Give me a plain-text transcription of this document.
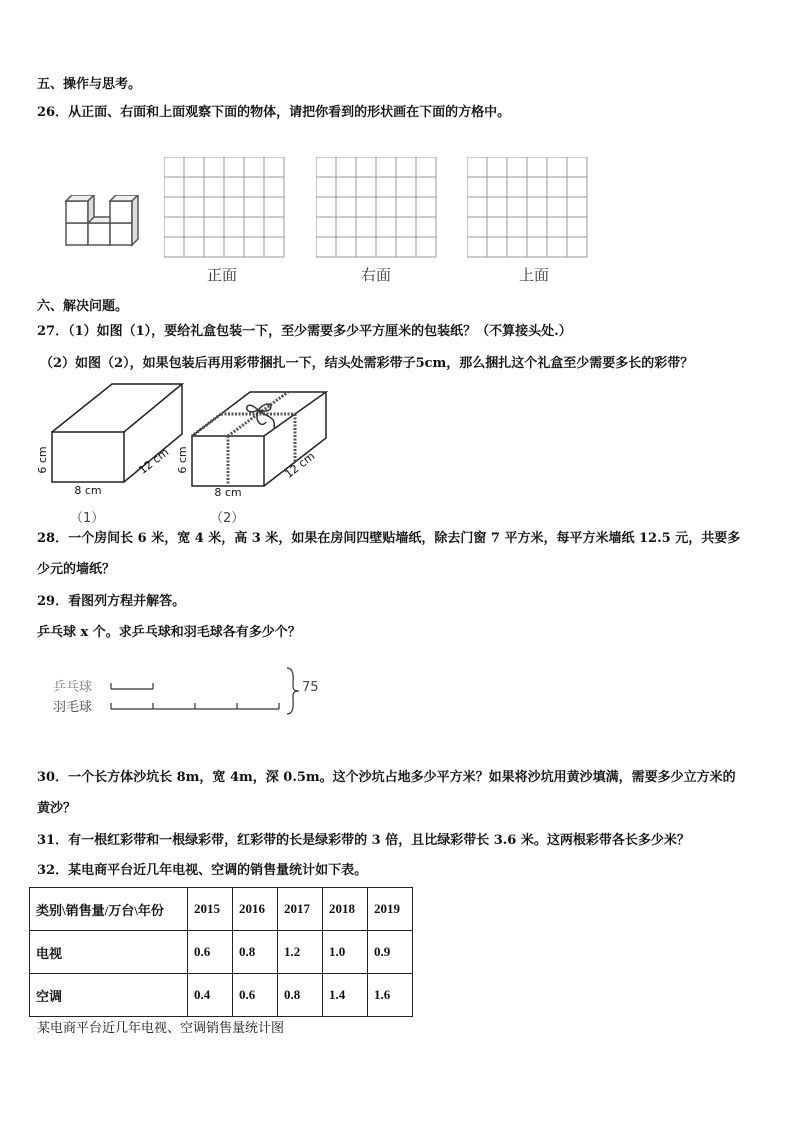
五、操作与思考。
26．从正面、右面和上面观察下面的物体，请把你看到的形状画在下面的方格中。
正面	右面	上面
六、解决问题。
27．（1）如图（1），要给礼盒包装一下，至少需要多少平方厘米的包装纸？（不算接头处.）
（2）如图（2），如果包装后再用彩带捆扎一下，结头处需彩带子5cm，那么捆扎这个礼盒至少需要多长的彩带？
6 cm
8 cm
12 cm
（1）
6 cm
8 cm
12 cm
（2）
28．一个房间长 6 米，宽 4 米，高 3 米，如果在房间四壁贴墙纸，除去门窗 7 平方米，每平方米墙纸 12.5 元，共要多
少元的墙纸？
29．看图列方程并解答。
乒乓球 x 个。求乒乓球和羽毛球各有多少个？
乒乓球
羽毛球
75
30．一个长方体沙坑长 8m，宽 4m，深 0.5m。这个沙坑占地多少平方米？如果将沙坑用黄沙填满，需要多少立方米的
黄沙？
31．有一根红彩带和一根绿彩带，红彩带的长是绿彩带的 3 倍，且比绿彩带长 3.6 米。这两根彩带各长多少米？
32．某电商平台近几年电视、空调的销售量统计如下表。
类别\销售量/万台\年份	2015	2016	2017	2018	2019
电视	0.6	0.8	1.2	1.0	0.9
空调	0.4	0.6	0.8	1.4	1.6
某电商平台近几年电视、空调销售量统计图
